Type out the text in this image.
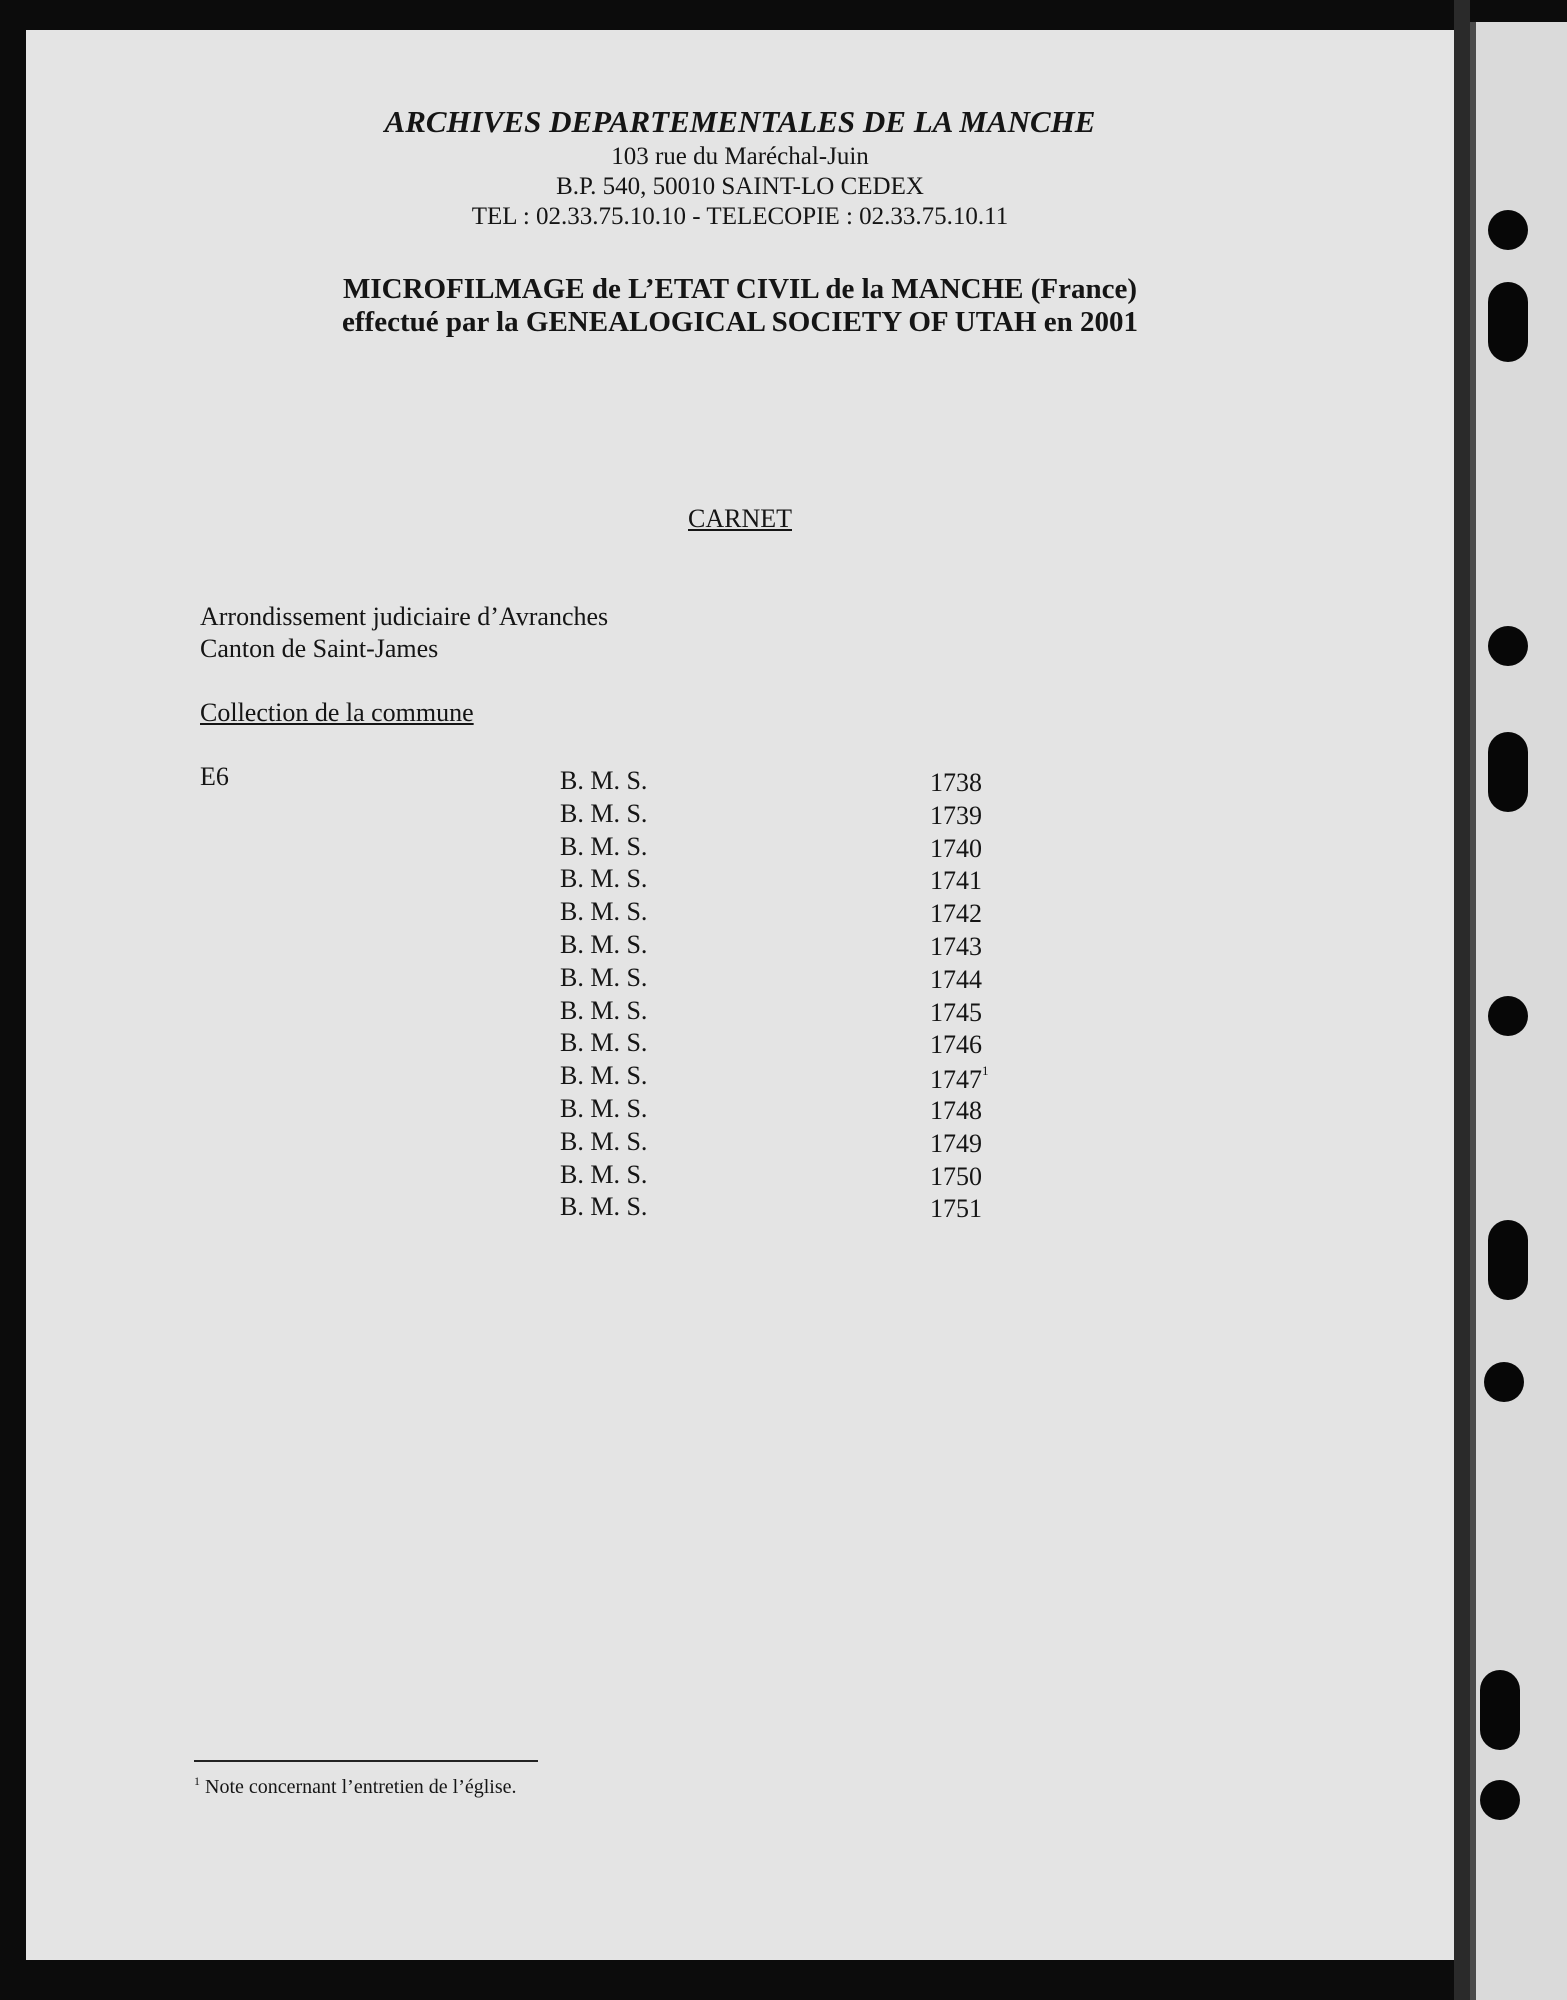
ARCHIVES DEPARTEMENTALES DE LA MANCHE
103 rue du Maréchal-Juin
B.P. 540, 50010 SAINT-LO CEDEX
TEL : 02.33.75.10.10 - TELECOPIE : 02.33.75.10.11
MICROFILMAGE de L’ETAT CIVIL de la MANCHE (France)
effectué par la GENEALOGICAL SOCIETY OF UTAH en 2001
CARNET
Arrondissement judiciaire d’Avranches
Canton de Saint-James
Collection de la commune
E6	B. M. S.	1738
B. M. S.	1739
B. M. S.	1740
B. M. S.	1741
B. M. S.	1742
B. M. S.	1743
B. M. S.	1744
B. M. S.	1745
B. M. S.	1746
B. M. S.	1747$^1$
B. M. S.	1748
B. M. S.	1749
B. M. S.	1750
B. M. S.	1751
$^1$ Note concernant l’entretien de l’église.
